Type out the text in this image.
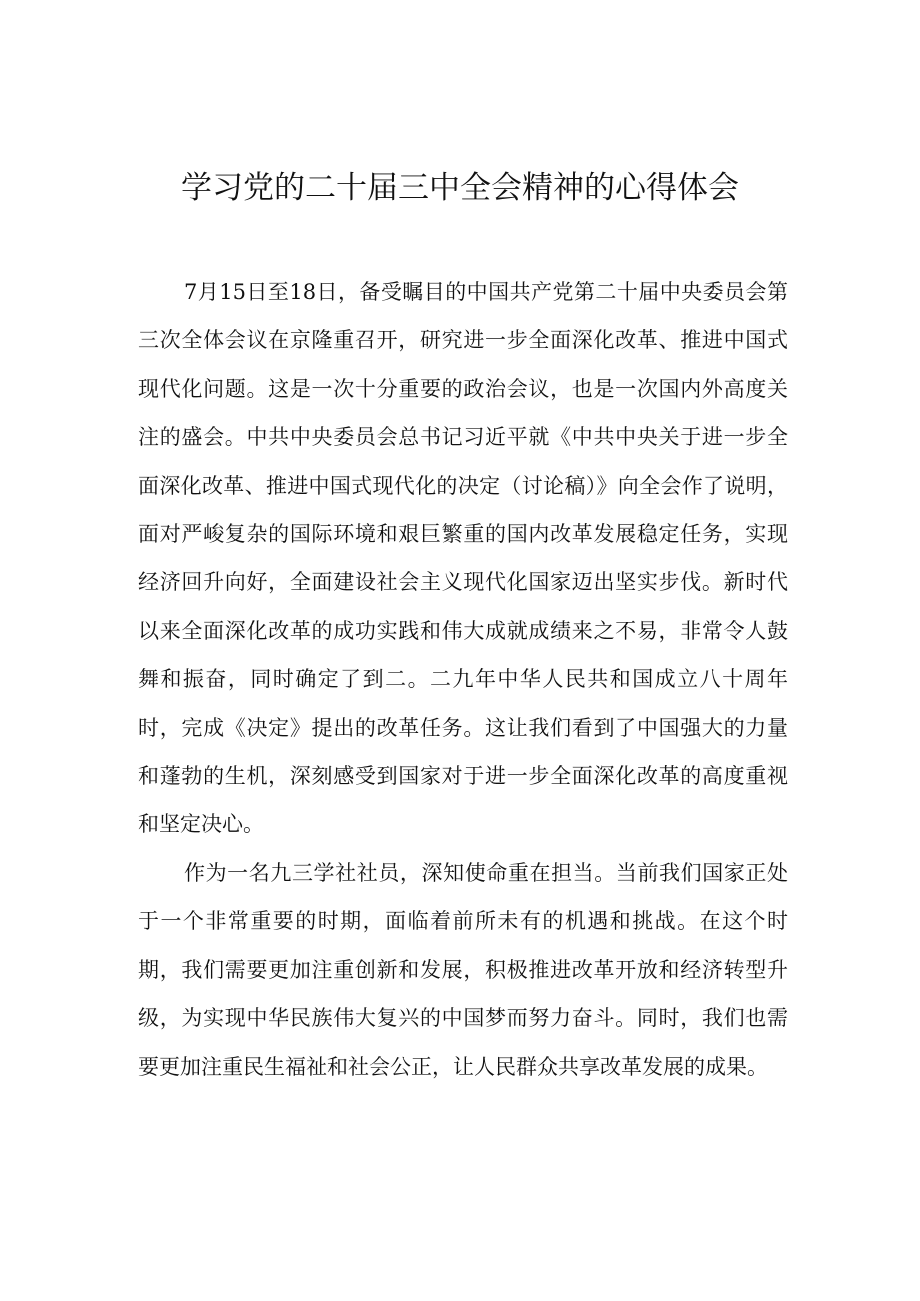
学习党的二十届三中全会精神的心得体会

7月15日至18日，备受瞩目的中国共产党第二十届中央委员会第三次全体会议在京隆重召开，研究进一步全面深化改革、推进中国式现代化问题。这是一次十分重要的政治会议，也是一次国内外高度关注的盛会。中共中央委员会总书记习近平就《中共中央关于进一步全面深化改革、推进中国式现代化的决定（讨论稿）》向全会作了说明，面对严峻复杂的国际环境和艰巨繁重的国内改革发展稳定任务，实现经济回升向好，全面建设社会主义现代化国家迈出坚实步伐。新时代以来全面深化改革的成功实践和伟大成就成绩来之不易，非常令人鼓舞和振奋，同时确定了到二。二九年中华人民共和国成立八十周年时，完成《决定》提出的改革任务。这让我们看到了中国强大的力量和蓬勃的生机，深刻感受到国家对于进一步全面深化改革的高度重视和坚定决心。

作为一名九三学社社员，深知使命重在担当。当前我们国家正处于一个非常重要的时期，面临着前所未有的机遇和挑战。在这个时期，我们需要更加注重创新和发展，积极推进改革开放和经济转型升级，为实现中华民族伟大复兴的中国梦而努力奋斗。同时，我们也需要更加注重民生福祉和社会公正，让人民群众共享改革发展的成果。
